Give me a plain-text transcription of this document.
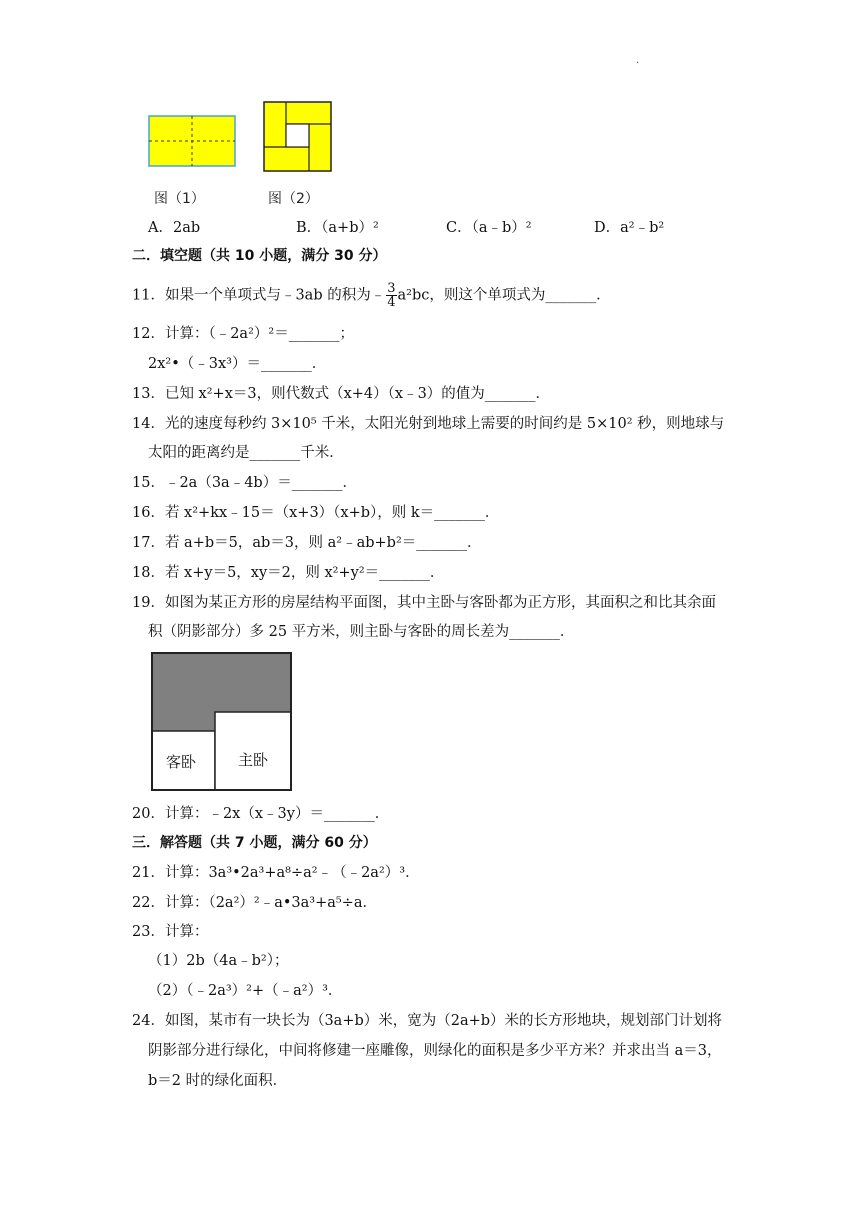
·
图（1）	图（2）
A．2ab	B．（a+b）²	C．（a﹣b）²	D．a²﹣b²
二．填空题（共 10 小题，满分 30 分）
11．如果一个单项式与﹣3ab 的积为﹣ $\frac{3}{4} a^2bc$，则这个单项式为_______．
12．计算：（﹣2a²）²＝_______；
2x²•（﹣3x³）＝_______．
13．已知 x²+x＝3，则代数式（x+4）（x﹣3）的值为_______．
14．光的速度每秒约 3×10⁵ 千米，太阳光射到地球上需要的时间约是 5×10² 秒，则地球与
太阳的距离约是_______千米．
15．﹣2a（3a﹣4b）＝_______．
16．若 x²+kx﹣15＝（x+3）（x+b），则 k＝_______．
17．若 a+b＝5，ab＝3，则 a²﹣ab+b²＝_______．
18．若 x+y＝5，xy＝2，则 x²+y²＝_______．
19．如图为某正方形的房屋结构平面图，其中主卧与客卧都为正方形，其面积之和比其余面
积（阴影部分）多 25 平方米，则主卧与客卧的周长差为_______．
客卧	主卧
20．计算：﹣2x（x﹣3y）＝_______．
三．解答题（共 7 小题，满分 60 分）
21．计算：3a³•2a³+a⁸÷a²﹣（﹣2a²）³．
22．计算：（2a²）²﹣a•3a³+a⁵÷a．
23．计算：
（1）2b（4a﹣b²）；
（2）（﹣2a³）²+（﹣a²）³．
24．如图，某市有一块长为（3a+b）米，宽为（2a+b）米的长方形地块，规划部门计划将
阴影部分进行绿化，中间将修建一座雕像，则绿化的面积是多少平方米？并求出当 a＝3，
b＝2 时的绿化面积．
